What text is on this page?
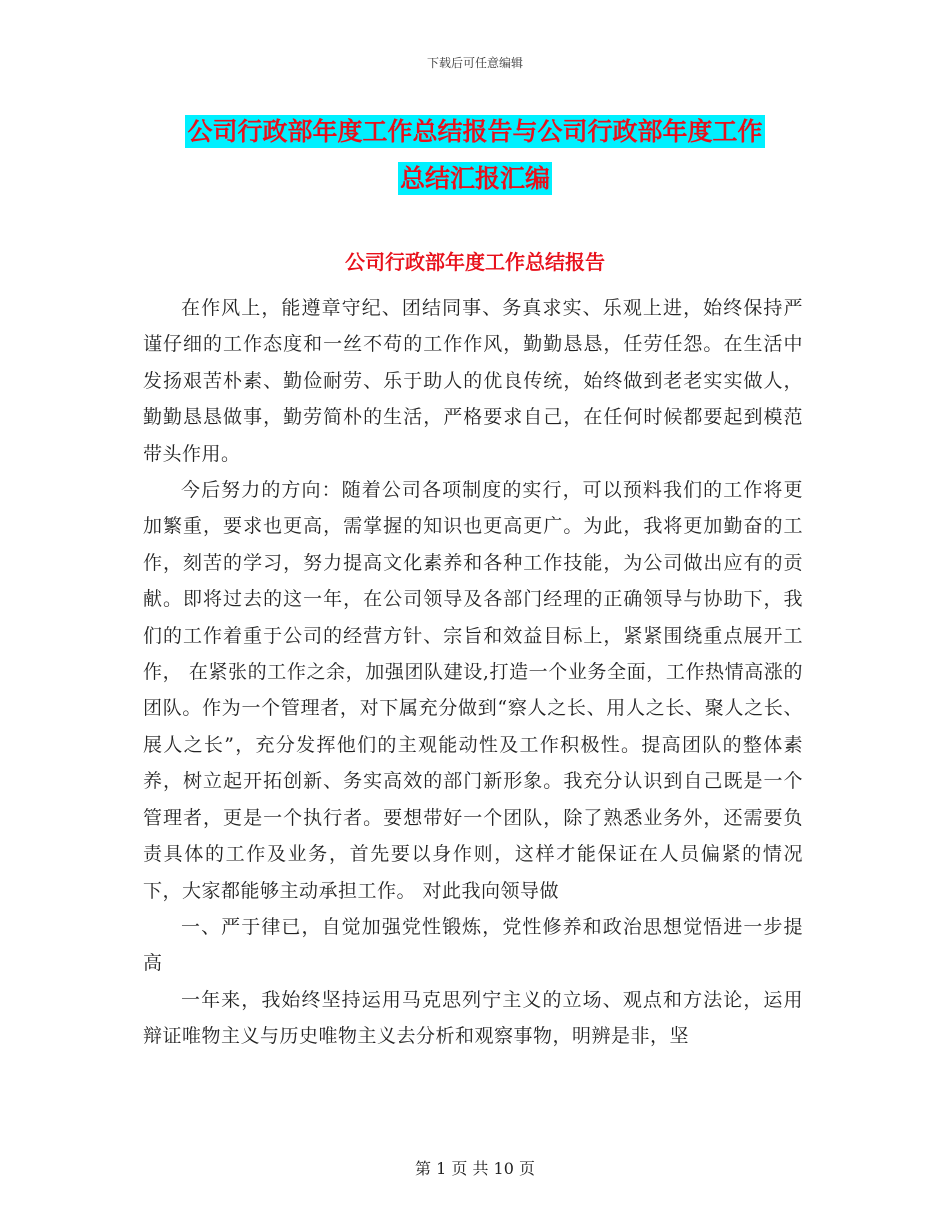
下载后可任意编辑
公司行政部年度工作总结报告与公司行政部年度工作
总结汇报汇编
公司行政部年度工作总结报告

在作风上，能遵章守纪、团结同事、务真求实、乐观上进，始终保持严谨仔细的工作态度和一丝不苟的工作作风，勤勤恳恳，任劳任怨。在生活中发扬艰苦朴素、勤俭耐劳、乐于助人的优良传统，始终做到老老实实做人，勤勤恳恳做事，勤劳简朴的生活，严格要求自己，在任何时候都要起到模范带头作用。

今后努力的方向：随着公司各项制度的实行，可以预料我们的工作将更加繁重，要求也更高，需掌握的知识也更高更广。为此，我将更加勤奋的工作，刻苦的学习，努力提高文化素养和各种工作技能，为公司做出应有的贡献。即将过去的这一年，在公司领导及各部门经理的正确领导与协助下，我们的工作着重于公司的经营方针、宗旨和效益目标上，紧紧围绕重点展开工作， 在紧张的工作之余，加强团队建设,打造一个业务全面，工作热情高涨的团队。作为一个管理者，对下属充分做到“察人之长、用人之长、聚人之长、展人之长”，充分发挥他们的主观能动性及工作积极性。提高团队的整体素养，树立起开拓创新、务实高效的部门新形象。我充分认识到自己既是一个管理者，更是一个执行者。要想带好一个团队，除了熟悉业务外，还需要负责具体的工作及业务，首先要以身作则，这样才能保证在人员偏紧的情况下，大家都能够主动承担工作。 对此我向领导做

一、严于律已，自觉加强党性锻炼，党性修养和政治思想觉悟进一步提高

一年来，我始终坚持运用马克思列宁主义的立场、观点和方法论，运用辩证唯物主义与历史唯物主义去分析和观察事物，明辨是非，坚

第 1 页 共 10 页
